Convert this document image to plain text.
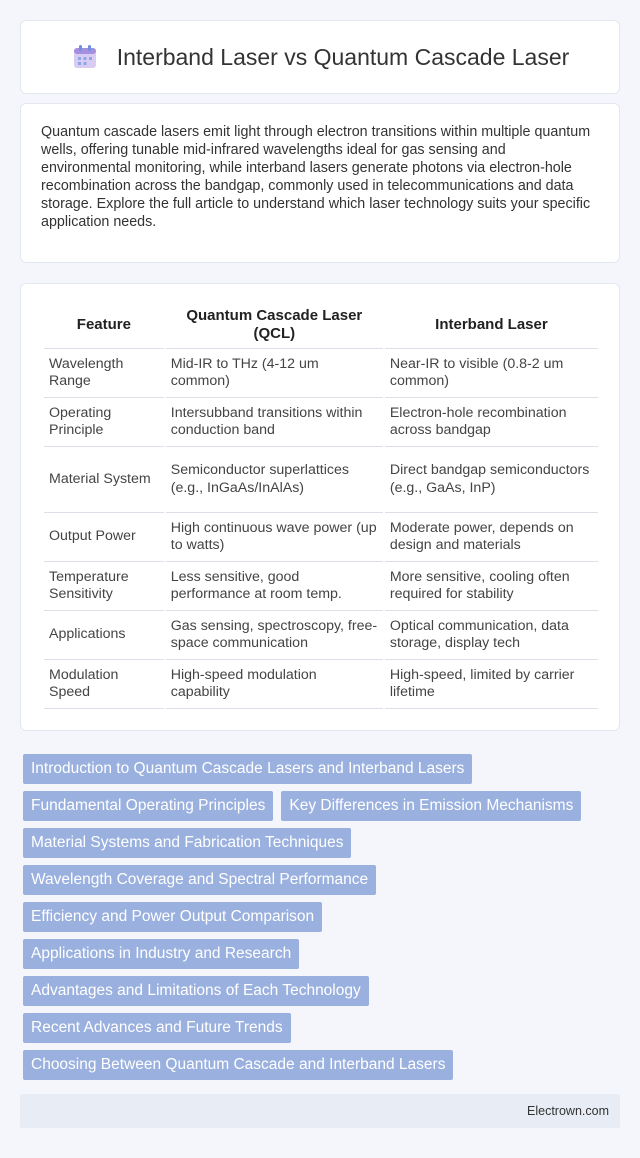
Interband Laser vs Quantum Cascade Laser

Quantum cascade lasers emit light through electron transitions within multiple quantum wells, offering tunable mid-infrared wavelengths ideal for gas sensing and environmental monitoring, while interband lasers generate photons via electron-hole recombination across the bandgap, commonly used in telecommunications and data storage. Explore the full article to understand which laser technology suits your specific application needs.

Feature	Quantum Cascade Laser (QCL)	Interband Laser
Wavelength Range	Mid-IR to THz (4-12 um common)	Near-IR to visible (0.8-2 um common)
Operating Principle	Intersubband transitions within conduction band	Electron-hole recombination across bandgap
Material System	Semiconductor superlattices (e.g., InGaAs/InAlAs)	Direct bandgap semiconductors (e.g., GaAs, InP)
Output Power	High continuous wave power (up to watts)	Moderate power, depends on design and materials
Temperature Sensitivity	Less sensitive, good performance at room temp.	More sensitive, cooling often required for stability
Applications	Gas sensing, spectroscopy, free-space communication	Optical communication, data storage, display tech
Modulation Speed	High-speed modulation capability	High-speed, limited by carrier lifetime
Introduction to Quantum Cascade Lasers and Interband Lasers
Fundamental Operating Principles	Key Differences in Emission Mechanisms
Material Systems and Fabrication Techniques
Wavelength Coverage and Spectral Performance
Efficiency and Power Output Comparison
Applications in Industry and Research
Advantages and Limitations of Each Technology
Recent Advances and Future Trends
Choosing Between Quantum Cascade and Interband Lasers
Electrown.com
